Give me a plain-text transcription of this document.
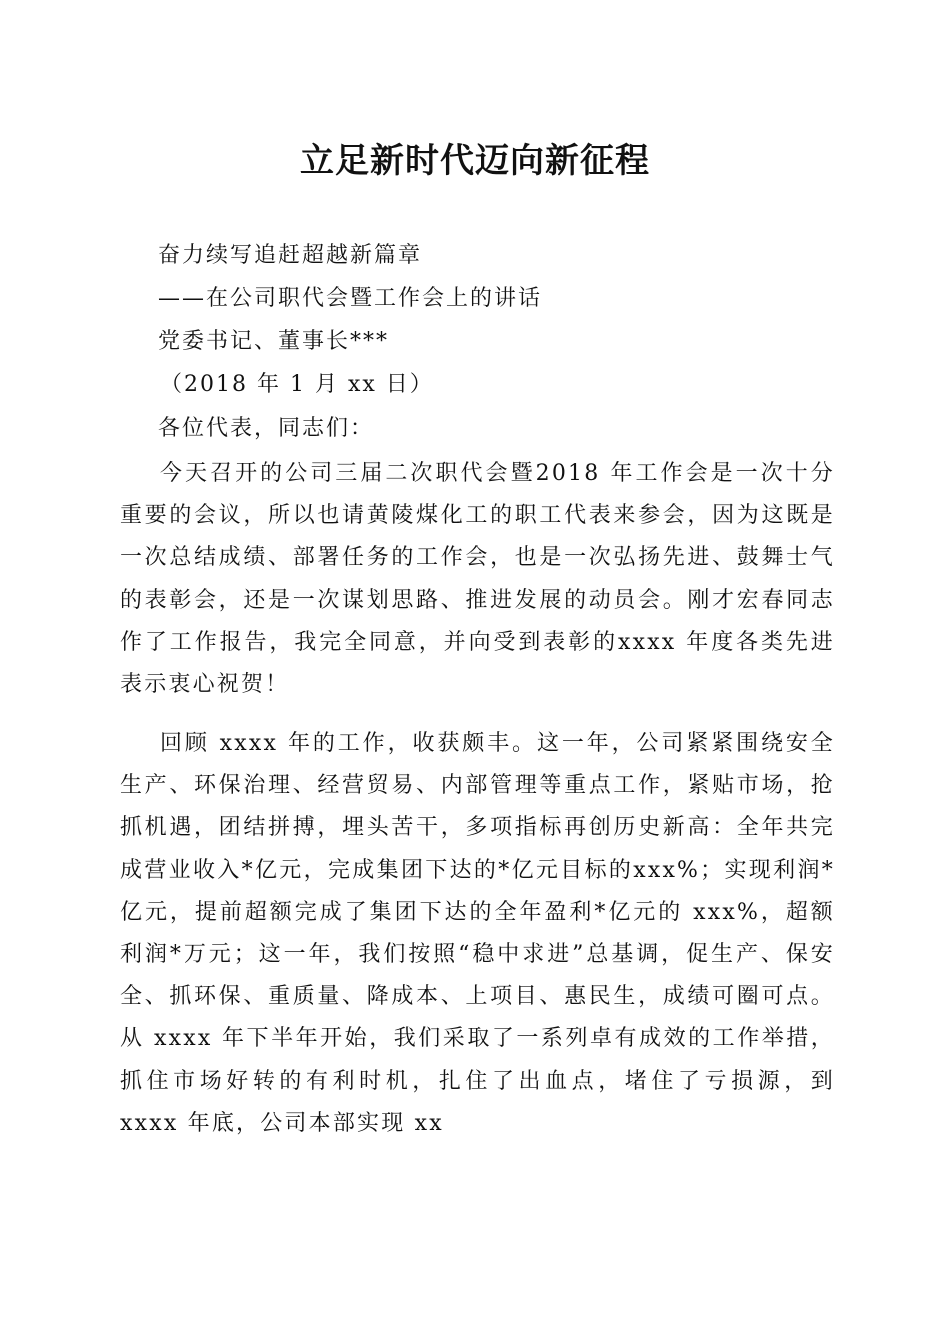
立足新时代迈向新征程
奋力续写追赶超越新篇章
——在公司职代会暨工作会上的讲话
党委书记、董事长***
（2018 年 1 月 xx 日）
各位代表，同志们：

今天召开的公司三届二次职代会暨2018 年工作会是一次十分重要的会议，所以也请黄陵煤化工的职工代表来参会，因为这既是一次总结成绩、部署任务的工作会，也是一次弘扬先进、鼓舞士气的表彰会，还是一次谋划思路、推进发展的动员会。刚才宏春同志作了工作报告，我完全同意，并向受到表彰的xxxx 年度各类先进表示衷心祝贺！

回顾 xxxx 年的工作，收获颇丰。这一年，公司紧紧围绕安全生产、环保治理、经营贸易、内部管理等重点工作，紧贴市场，抢抓机遇，团结拼搏，埋头苦干，多项指标再创历史新高：全年共完成营业收入*亿元，完成集团下达的*亿元目标的xxx%；实现利润*亿元，提前超额完成了集团下达的全年盈利*亿元的 xxx%，超额利润*万元；这一年，我们按照“稳中求进”总基调，促生产、保安全、抓环保、重质量、降成本、上项目、惠民生，成绩可圈可点。从 xxxx 年下半年开始，我们采取了一系列卓有成效的工作举措，抓住市场好转的有利时机，扎住了出血点，堵住了亏损源，到 xxxx 年底，公司本部实现 xx
